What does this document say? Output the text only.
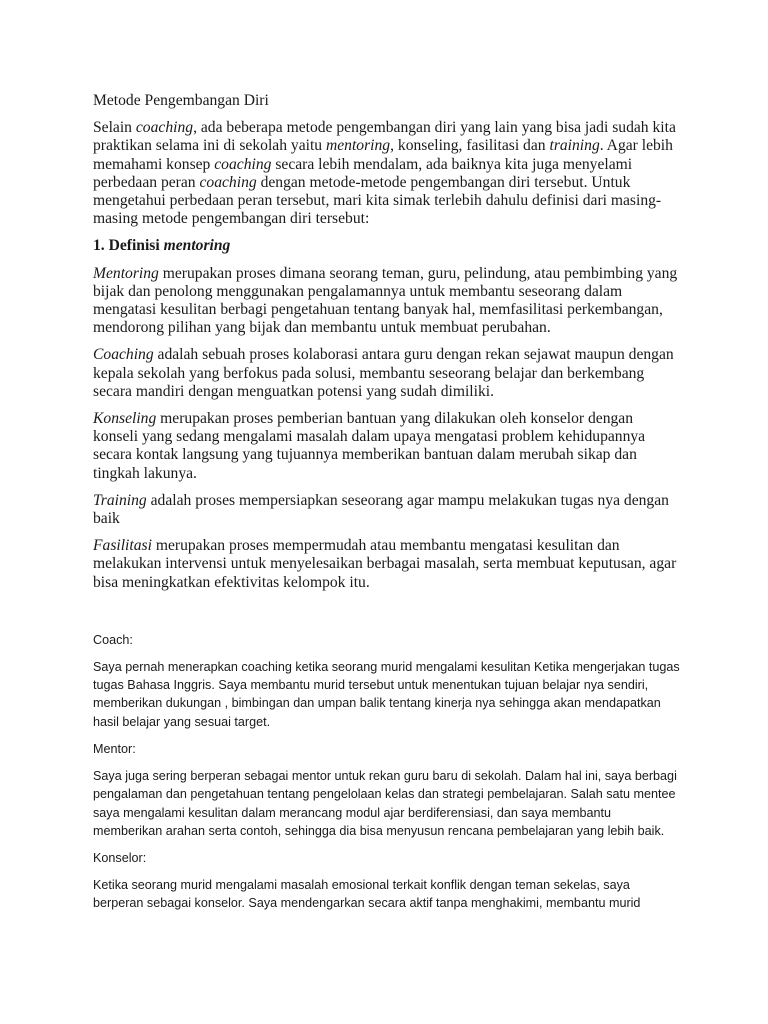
Metode Pengembangan Diri

Selain coaching, ada beberapa metode pengembangan diri yang lain yang bisa jadi sudah kita praktikan selama ini di sekolah yaitu mentoring, konseling, fasilitasi dan training. Agar lebih memahami konsep coaching secara lebih mendalam, ada baiknya kita juga menyelami perbedaan peran coaching dengan metode-metode pengembangan diri tersebut. Untuk mengetahui perbedaan peran tersebut, mari kita simak terlebih dahulu definisi dari masing-masing metode pengembangan diri tersebut:

1. Definisi mentoring

Mentoring merupakan proses dimana seorang teman, guru, pelindung, atau pembimbing yang bijak dan penolong menggunakan pengalamannya untuk membantu seseorang dalam mengatasi kesulitan berbagi pengetahuan tentang banyak hal, memfasilitasi perkembangan, mendorong pilihan yang bijak dan membantu untuk membuat perubahan.

Coaching adalah sebuah proses kolaborasi antara guru dengan rekan sejawat maupun dengan kepala sekolah yang berfokus pada solusi, membantu seseorang belajar dan berkembang secara mandiri dengan menguatkan potensi yang sudah dimiliki.

Konseling merupakan proses pemberian bantuan yang dilakukan oleh konselor dengan konseli yang sedang mengalami masalah dalam upaya mengatasi problem kehidupannya secara kontak langsung yang tujuannya memberikan bantuan dalam merubah sikap dan tingkah lakunya.

Training adalah proses mempersiapkan seseorang agar mampu melakukan tugas nya dengan baik

Fasilitasi merupakan proses mempermudah atau membantu mengatasi kesulitan dan melakukan intervensi untuk menyelesaikan berbagai masalah, serta membuat keputusan, agar bisa meningkatkan efektivitas kelompok itu.

Coach:

Saya pernah menerapkan coaching ketika seorang murid mengalami kesulitan Ketika mengerjakan tugas tugas Bahasa Inggris. Saya membantu murid tersebut untuk menentukan tujuan belajar nya sendiri, memberikan dukungan , bimbingan dan umpan balik tentang kinerja nya sehingga akan mendapatkan hasil belajar yang sesuai target.

Mentor:

Saya juga sering berperan sebagai mentor untuk rekan guru baru di sekolah. Dalam hal ini, saya berbagi pengalaman dan pengetahuan tentang pengelolaan kelas dan strategi pembelajaran. Salah satu mentee saya mengalami kesulitan dalam merancang modul ajar berdiferensiasi, dan saya membantu memberikan arahan serta contoh, sehingga dia bisa menyusun rencana pembelajaran yang lebih baik.

Konselor:

Ketika seorang murid mengalami masalah emosional terkait konflik dengan teman sekelas, saya berperan sebagai konselor. Saya mendengarkan secara aktif tanpa menghakimi, membantu murid
